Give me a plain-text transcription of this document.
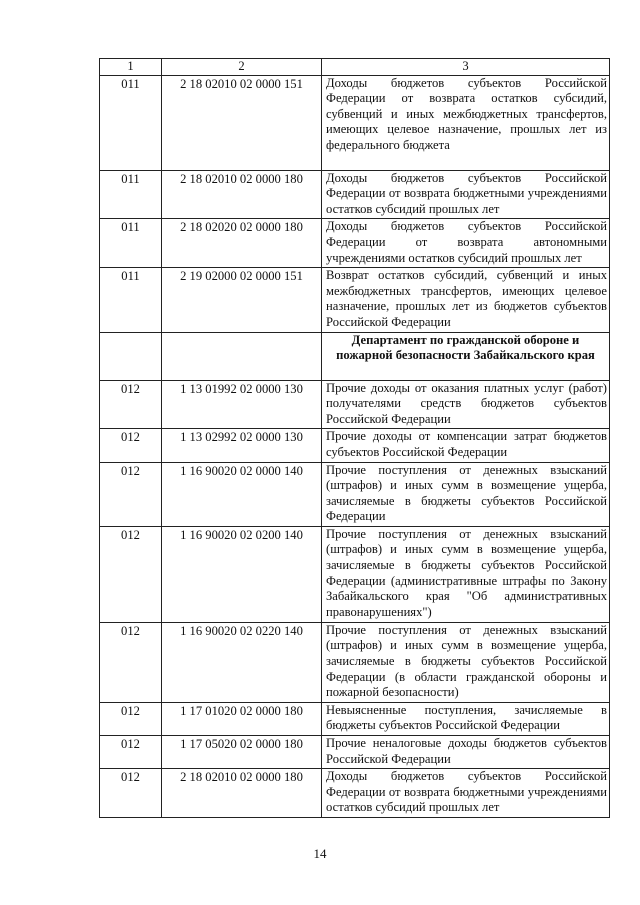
1	2	3
011	2 18 02010 02 0000 151	Доходы бюджетов субъектов Российской Федерации от возврата остатков субсидий, субвенций и иных межбюджетных трансфертов, имеющих целевое назначение, прошлых лет из федерального бюджета
011	2 18 02010 02 0000 180	Доходы бюджетов субъектов Российской Федерации от возврата бюджетными учреждениями остатков субсидий прошлых лет
011	2 18 02020 02 0000 180	Доходы бюджетов субъектов Российской Федерации от возврата автономными учреждениями остатков субсидий прошлых лет
011	2 19 02000 02 0000 151	Возврат остатков субсидий, субвенций и иных межбюджетных трансфертов, имеющих целевое назначение, прошлых лет из бюджетов субъектов Российской Федерации
		Департамент по гражданской обороне и пожарной безопасности Забайкальского края
012	1 13 01992 02 0000 130	Прочие доходы от оказания платных услуг (работ) получателями средств бюджетов субъектов Российской Федерации
012	1 13 02992 02 0000 130	Прочие доходы от компенсации затрат бюджетов субъектов Российской Федерации
012	1 16 90020 02 0000 140	Прочие поступления от денежных взысканий (штрафов) и иных сумм в возмещение ущерба, зачисляемые в бюджеты субъектов Российской Федерации
012	1 16 90020 02 0200 140	Прочие поступления от денежных взысканий (штрафов) и иных сумм в возмещение ущерба, зачисляемые в бюджеты субъектов Российской Федерации (административные штрафы по Закону Забайкальского края "Об административных правонарушениях")
012	1 16 90020 02 0220 140	Прочие поступления от денежных взысканий (штрафов) и иных сумм в возмещение ущерба, зачисляемые в бюджеты субъектов Российской Федерации (в области гражданской обороны и пожарной безопасности)
012	1 17 01020 02 0000 180	Невыясненные поступления, зачисляемые в бюджеты субъектов Российской Федерации
012	1 17 05020 02 0000 180	Прочие неналоговые доходы бюджетов субъектов Российской Федерации
012	2 18 02010 02 0000 180	Доходы бюджетов субъектов Российской Федерации от возврата бюджетными учреждениями остатков субсидий прошлых лет
14
